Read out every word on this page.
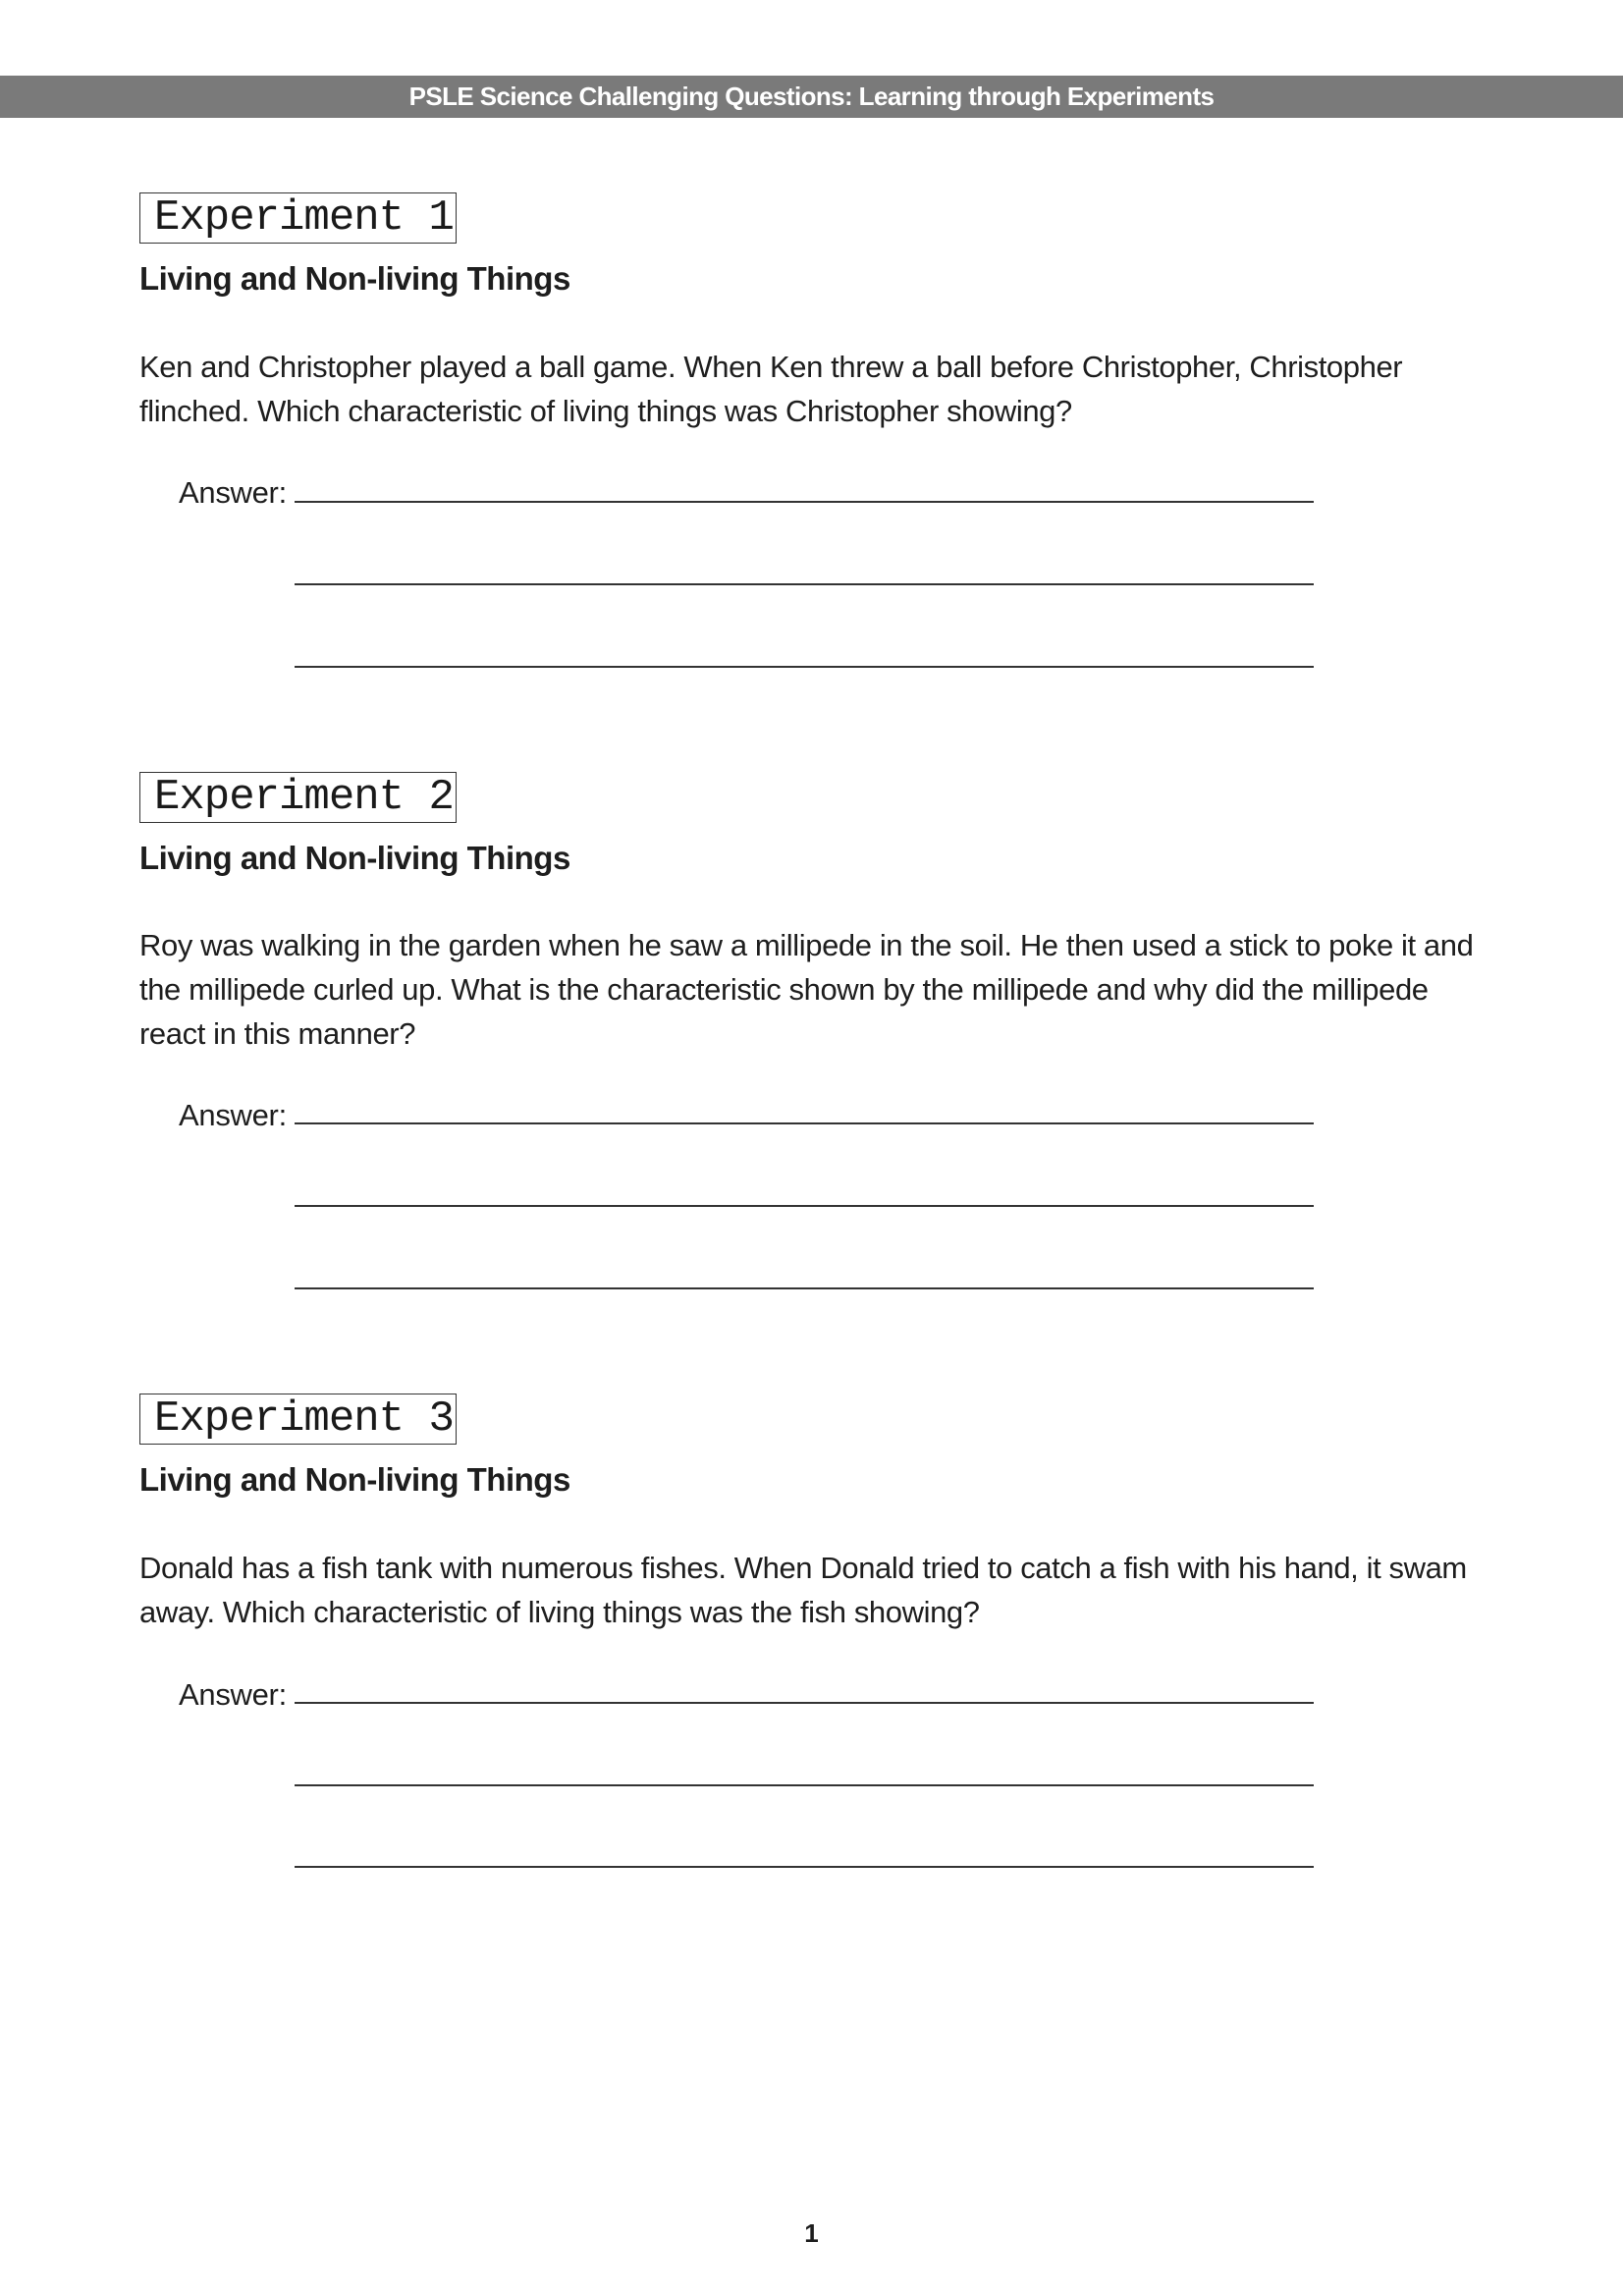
PSLE Science Challenging Questions: Learning through Experiments
Experiment 1
Living and Non-living Things
Ken and Christopher played a ball game. When Ken threw a ball before Christopher, Christopher flinched. Which characteristic of living things was Christopher showing?
Answer:
Experiment 2
Living and Non-living Things
Roy was walking in the garden when he saw a millipede in the soil. He then used a stick to poke it and the millipede curled up. What is the characteristic shown by the millipede and why did the millipede react in this manner?
Answer:
Experiment 3
Living and Non-living Things
Donald has a fish tank with numerous fishes. When Donald tried to catch a fish with his hand, it swam away. Which characteristic of living things was the fish showing?
Answer:
1
